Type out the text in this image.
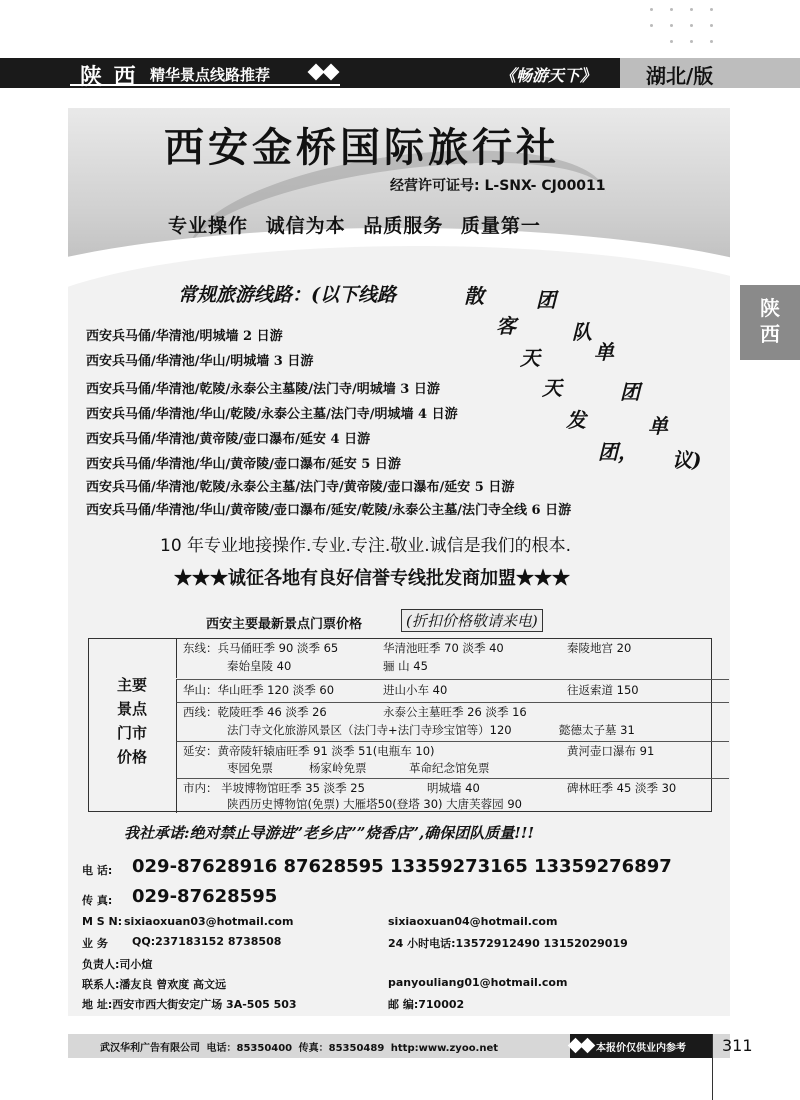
陕 西 精华景点线路推荐	《畅游天下》 湖北/版
陕
西
西安金桥国际旅行社
经营许可证号: L-SNX- CJ00011
专业操作 诚信为本 品质服务 质量第一
常规旅游线路：(以下线路	散	团
客	队
天	单
天	团
发	单
团， 议)
西安兵马俑/华清池/明城墙 2 日游
西安兵马俑/华清池/华山/明城墙 3 日游
西安兵马俑/华清池/乾陵/永泰公主墓陵/法门寺/明城墙 3 日游
西安兵马俑/华清池/华山/乾陵/永泰公主墓/法门寺/明城墙 4 日游
西安兵马俑/华清池/黄帝陵/壶口瀑布/延安 4 日游
西安兵马俑/华清池/华山/黄帝陵/壶口瀑布/延安 5 日游
西安兵马俑/华清池/乾陵/永泰公主墓/法门寺/黄帝陵/壶口瀑布/延安 5 日游
西安兵马俑/华清池/华山/黄帝陵/壶口瀑布/延安/乾陵/永泰公主墓/法门寺全线 6 日游
10 年专业地接操作.专业.专注.敬业.诚信是我们的根本.
★★★诚征各地有良好信誉专线批发商加盟★★★
西安主要最新景点门票价格	(折扣价格敬请来电)
主要
景点
门市
价格
东线：兵马俑旺季 90 淡季 65	华清池旺季 70 淡季 40	秦陵地宫 20
秦始皇陵 40	骊 山 45
华山：华山旺季 120 淡季 60	进山小车 40	往返索道 150
西线：乾陵旺季 46 淡季 26	永泰公主墓旺季 26 淡季 16
法门寺文化旅游风景区（法门寺+法门寺珍宝馆等）120	懿德太子墓 31
延安：黄帝陵轩辕庙旺季 91 淡季 51(电瓶车 10)	黄河壶口瀑布 91
枣园免票	杨家岭免票	革命纪念馆免票
市内： 半坡博物馆旺季 35 淡季 25	明城墙 40	碑林旺季 45 淡季 30
陕西历史博物馆(免票) 大雁塔50(登塔 30) 大唐芙蓉园 90
我社承诺:绝对禁止导游进”老乡店””烧香店”,确保团队质量!!!
电 话: 029-87628916 87628595 13359273165 13359276897
传 真: 029-87628595
M S N: sixiaoxuan03@hotmail.com	sixiaoxuan04@hotmail.com
业 务 QQ:237183152 8738508	24 小时电话:13572912490 13152029019
负责人:司小煊
联系人:潘友良 曾欢度 高文远	panyouliang01@hotmail.com
地 址:西安市西大街安定广场 3A-505 503	邮 编:710002
武汉华利广告有限公司 电话：85350400 传真：85350489 http:www.zyoo.net	本报价仅供业内参考 311
